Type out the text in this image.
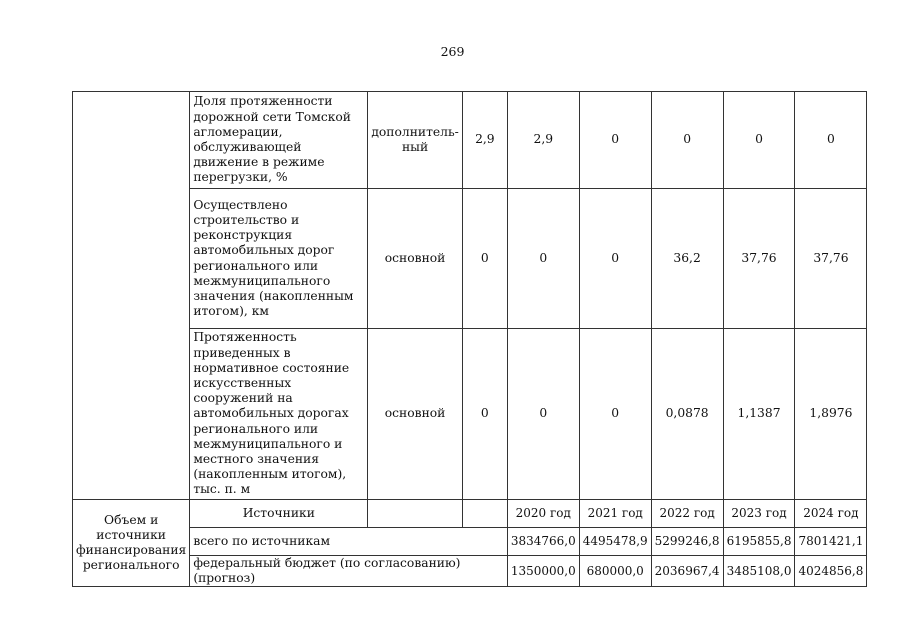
269
	Доля протяженности дорожной сети Томской агломерации, обслуживающей движение в режиме перегрузки, %	дополнитель-ный	2,9	2,9	0	0	0	0
	Осуществлено строительство и реконструкция автомобильных дорог регионального или межмуниципального значения (накопленным итогом), км	основной	0	0	0	36,2	37,76	37,76
	Протяженность приведенных в нормативное состояние искусственных сооружений на автомобильных дорогах регионального или межмуниципального и местного значения (накопленным итогом), тыс. п. м	основной	0	0	0	0,0878	1,1387	1,8976
Объем и источники финансирования регионального	Источники			2020 год	2021 год	2022 год	2023 год	2024 год
	всего по источникам			3834766,0	4495478,9	5299246,8	6195855,8	7801421,1
	федеральный бюджет (по согласованию) (прогноз)			1350000,0	680000,0	2036967,4	3485108,0	4024856,8
